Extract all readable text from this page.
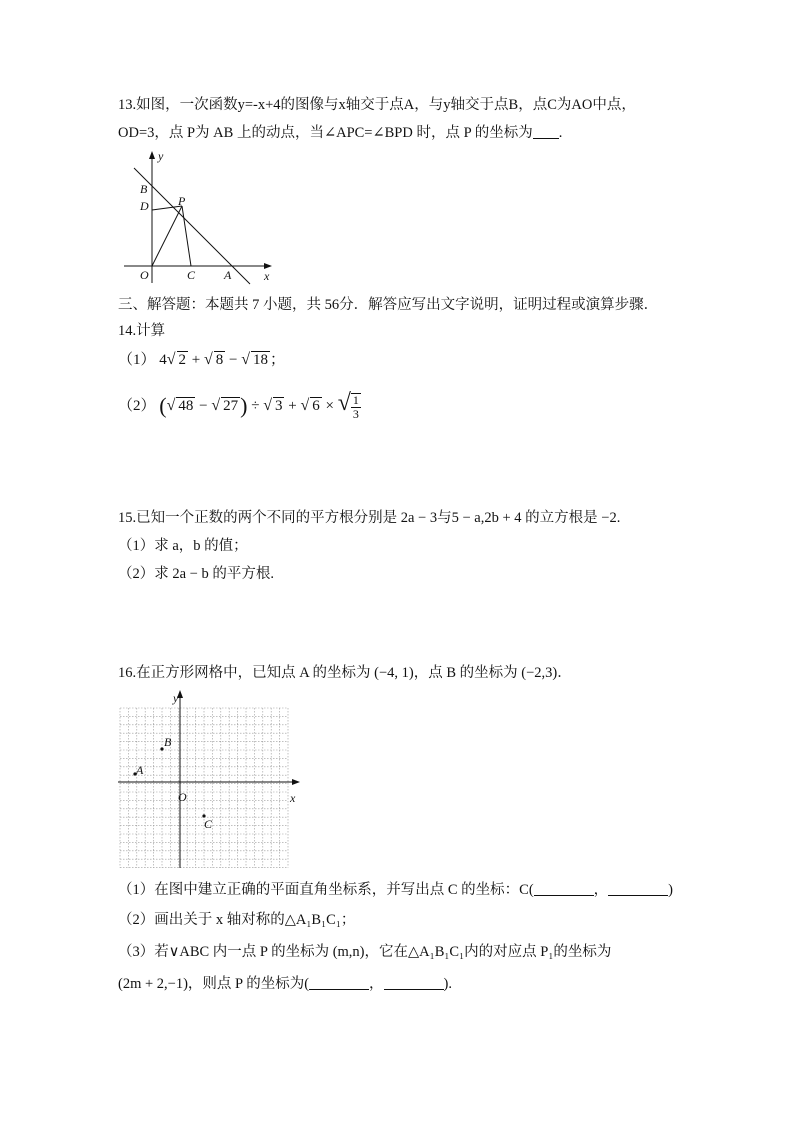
13.如图，一次函数y=-x+4的图像与x轴交于点A，与y轴交于点B，点C为AO中点，
OD=3，点 P为 AB 上的动点，当∠APC=∠BPD 时，点 P 的坐标为 .
y
x
B
D P
O	C A
三、解答题：本题共 7 小题，共 56分．解答应写出文字说明，证明过程或演算步骤．
14.计算
（1） 4√ 2 + √ 8 − √ 18 ；
（2） (√ 48 − √ 27) ÷ √ 3 + √ 6 × √ $\frac{1}{3}$
15.已知一个正数的两个不同的平方根分别是 2a − 3与5 − a,2b + 4 的立方根是 −2.
（1）求 a，b 的值；
（2）求 2a − b 的平方根.
16.在正方形网格中，已知点 A 的坐标为 (−4, 1)，点 B 的坐标为 (−2,3)．
y
x
O
A
B
C
（1）在图中建立正确的平面直角坐标系，并写出点 C 的坐标：C(	，	)
（2）画出关于 x 轴对称的△A₁B₁C₁；
（3）若∨ABC 内一点 P 的坐标为 (m,n)，它在△A₁B₁C₁内的对应点 P₁的坐标为
(2m + 2,−1)，则点 P 的坐标为(	，	).
